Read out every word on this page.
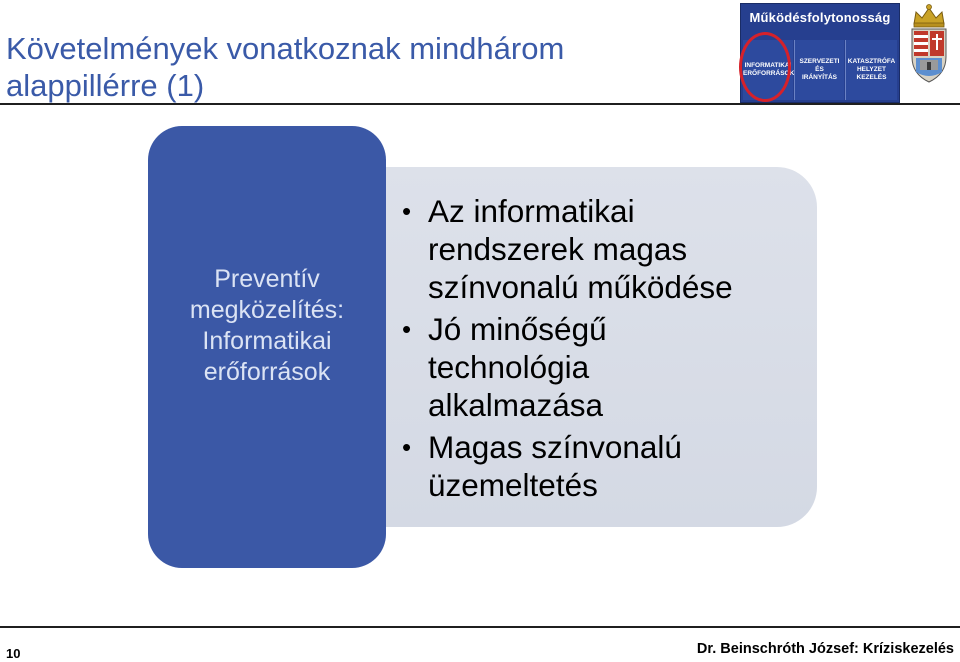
Követelmények vonatkoznak mindhárom
alappillérre (1)
Működésfolytonosság
INFORMATIKAI
ERŐFORRÁSOK
SZERVEZETI ÉS
IRÁNYÍTÁS
KATASZTRÓFA
HELYZET
KEZELÉS
Preventív
megközelítés:
Informatikai
erőforrások
• Az informatikai
rendszerek magas
színvonalú működése
• Jó minőségű
technológia
alkalmazása
• Magas színvonalú
üzemeltetés
10	Dr. Beinschróth József: Kríziskezelés
